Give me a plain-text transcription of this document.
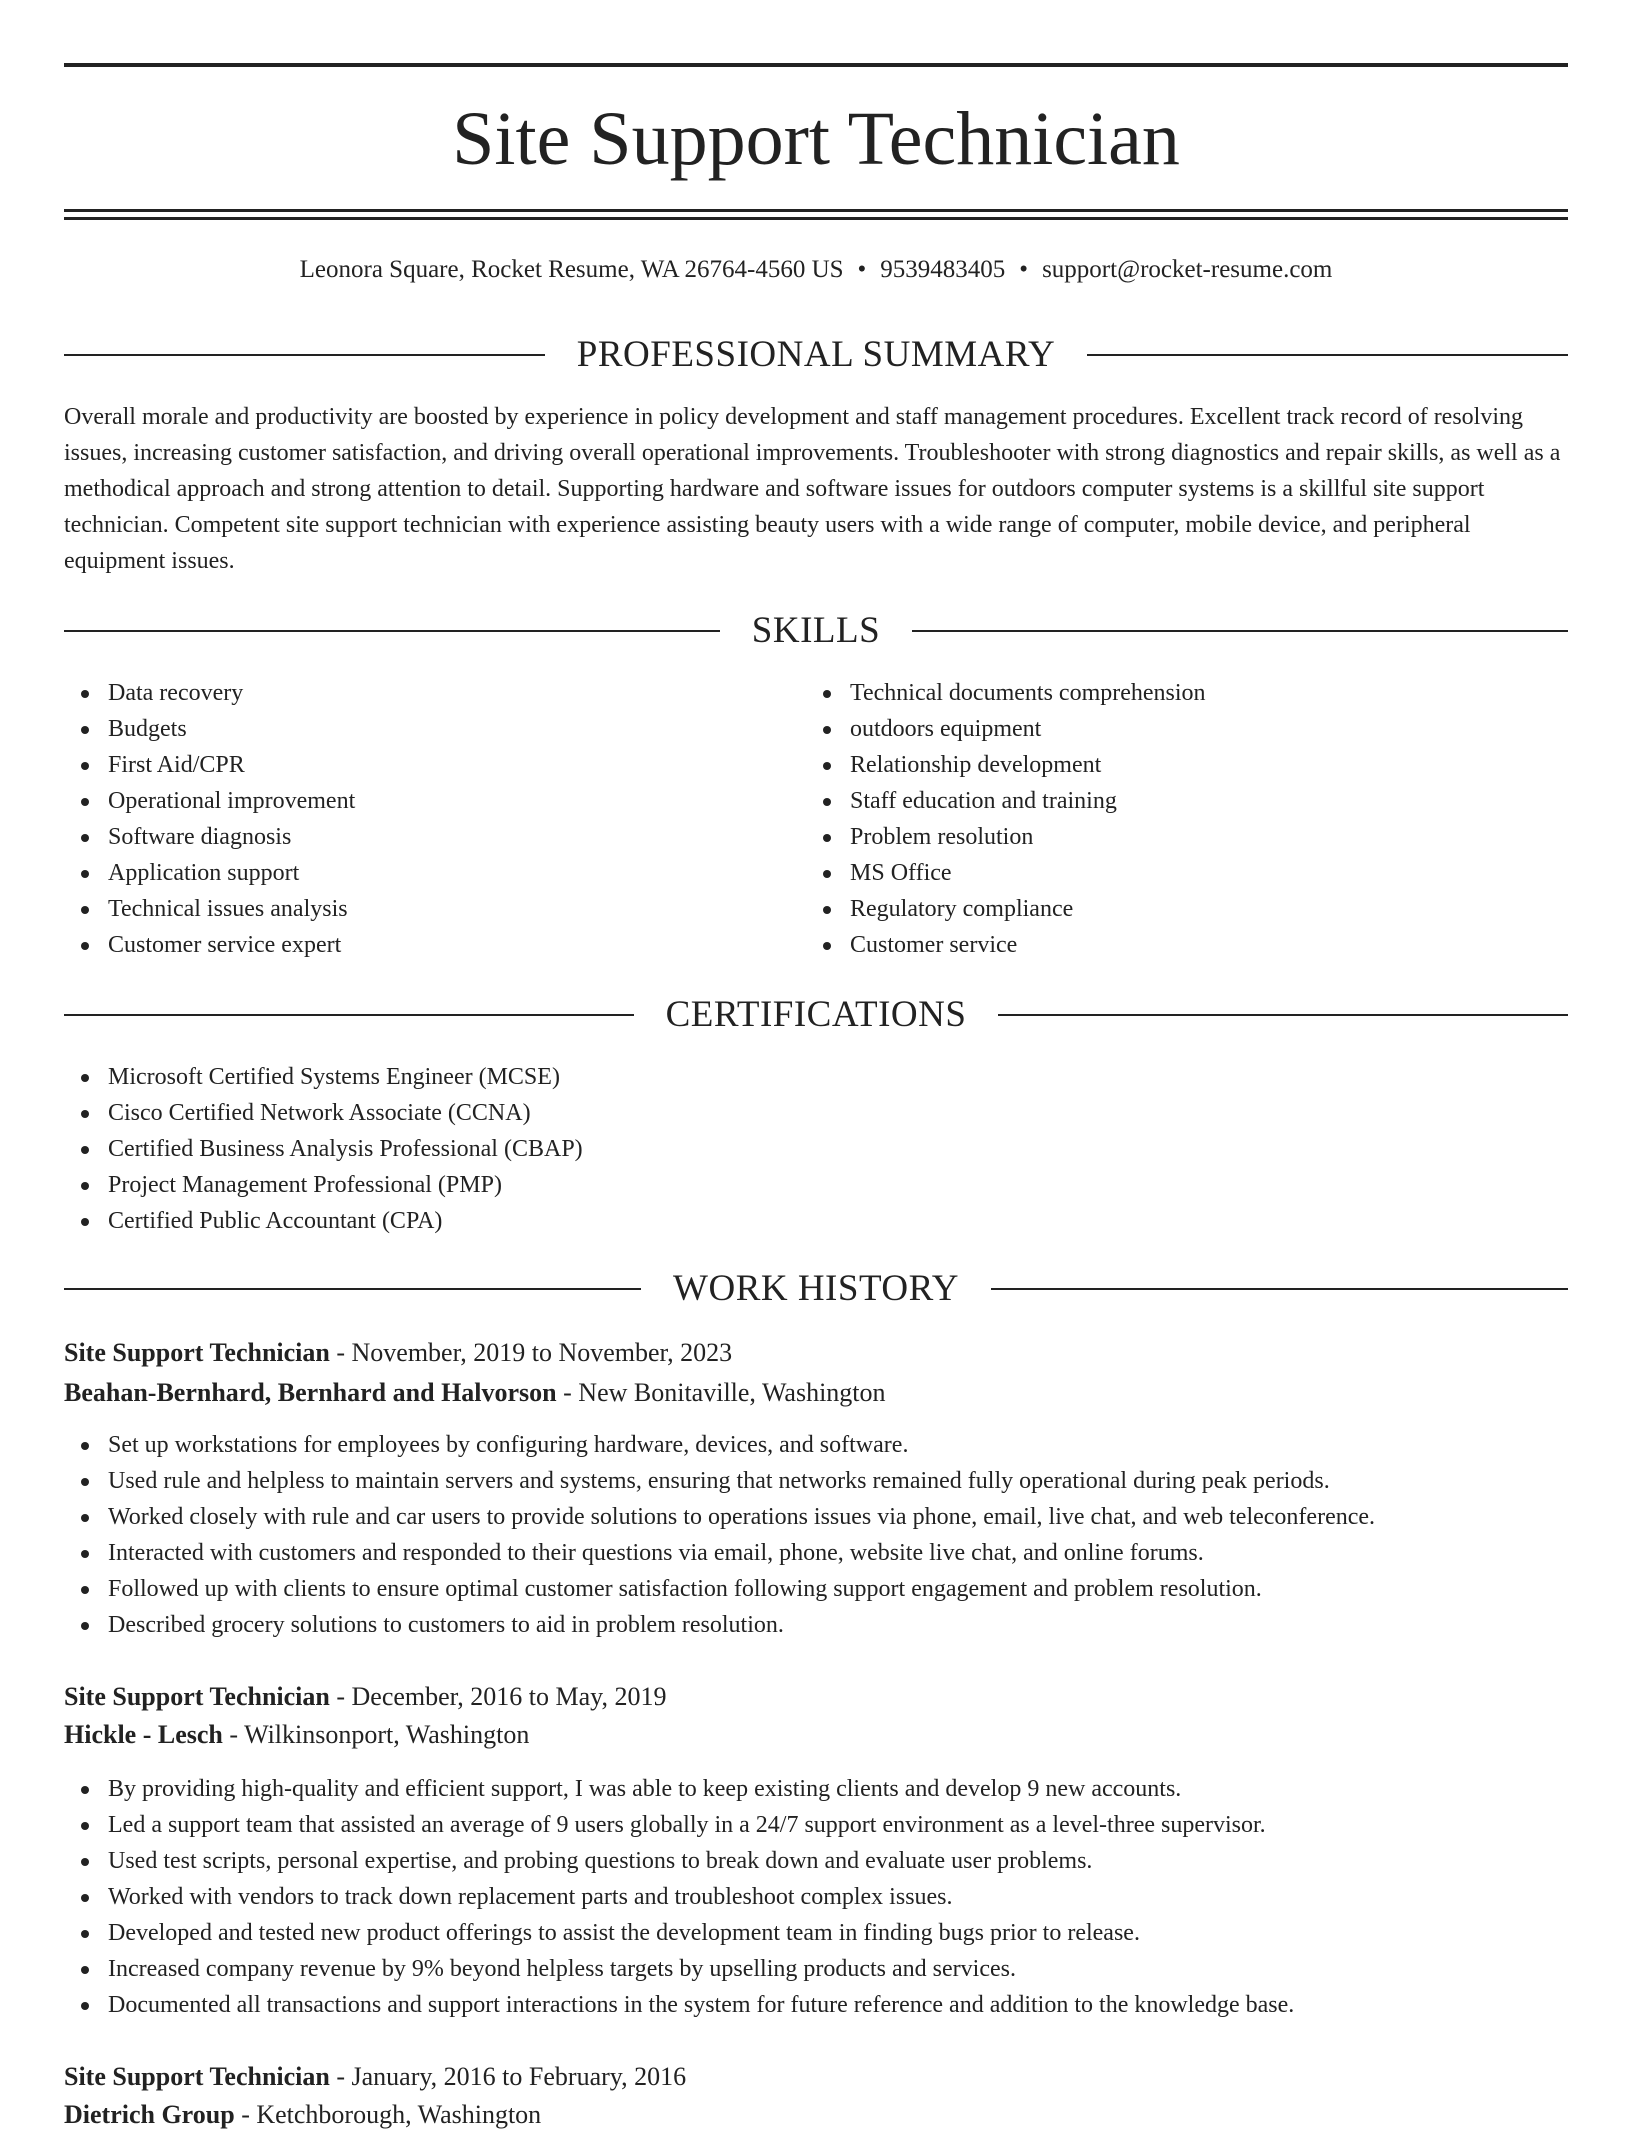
Site Support Technician
Leonora Square, Rocket Resume, WA 26764-4560 US • 9539483405 • support@rocket-resume.com
PROFESSIONAL SUMMARY

Overall morale and productivity are boosted by experience in policy development and staff management procedures. Excellent track record of resolving issues, increasing customer satisfaction, and driving overall operational improvements. Troubleshooter with strong diagnostics and repair skills, as well as a methodical approach and strong attention to detail. Supporting hardware and software issues for outdoors computer systems is a skillful site support technician. Competent site support technician with experience assisting beauty users with a wide range of computer, mobile device, and peripheral equipment issues.

SKILLS
Data recovery
Budgets
First Aid/CPR
Operational improvement
Software diagnosis
Application support
Technical issues analysis
Customer service expert
Technical documents comprehension
outdoors equipment
Relationship development
Staff education and training
Problem resolution
MS Office
Regulatory compliance
Customer service
CERTIFICATIONS
Microsoft Certified Systems Engineer (MCSE)
Cisco Certified Network Associate (CCNA)
Certified Business Analysis Professional (CBAP)
Project Management Professional (PMP)
Certified Public Accountant (CPA)
WORK HISTORY
Site Support Technician - November, 2019 to November, 2023
Beahan-Bernhard, Bernhard and Halvorson - New Bonitaville, Washington
Set up workstations for employees by configuring hardware, devices, and software.
Used rule and helpless to maintain servers and systems, ensuring that networks remained fully operational during peak periods.
Worked closely with rule and car users to provide solutions to operations issues via phone, email, live chat, and web teleconference.
Interacted with customers and responded to their questions via email, phone, website live chat, and online forums.
Followed up with clients to ensure optimal customer satisfaction following support engagement and problem resolution.
Described grocery solutions to customers to aid in problem resolution.
Site Support Technician - December, 2016 to May, 2019
Hickle - Lesch - Wilkinsonport, Washington
By providing high-quality and efficient support, I was able to keep existing clients and develop 9 new accounts.
Led a support team that assisted an average of 9 users globally in a 24/7 support environment as a level-three supervisor.
Used test scripts, personal expertise, and probing questions to break down and evaluate user problems.
Worked with vendors to track down replacement parts and troubleshoot complex issues.
Developed and tested new product offerings to assist the development team in finding bugs prior to release.
Increased company revenue by 9% beyond helpless targets by upselling products and services.
Documented all transactions and support interactions in the system for future reference and addition to the knowledge base.
Site Support Technician - January, 2016 to February, 2016
Dietrich Group - Ketchborough, Washington
